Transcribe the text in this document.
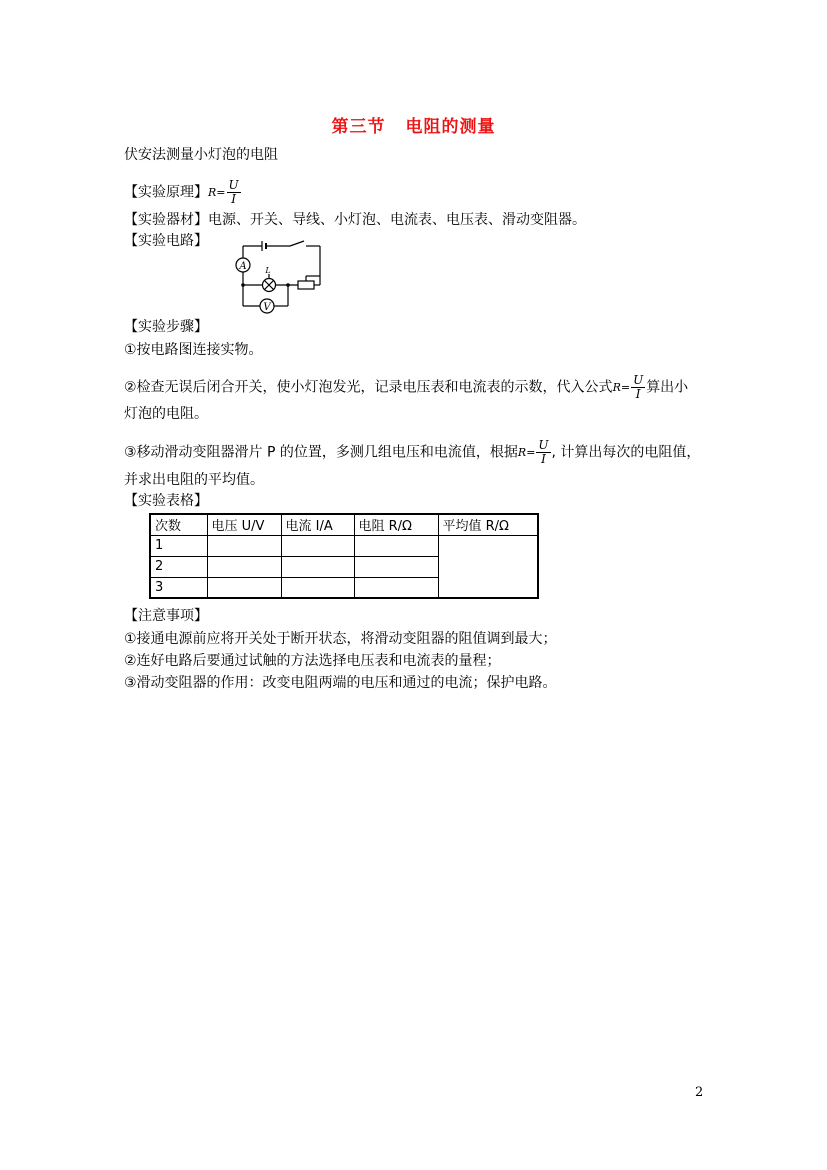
第三节 电阻的测量
伏安法测量小灯泡的电阻
【实验原理】 $R= \frac{U}{I}$
【实验器材】电源、开关、导线、小灯泡、电流表、电压表、滑动变阻器。
【实验电路】
A
V
L
【实验步骤】
①按电路图连接实物。
②检查无误后闭合开关，使小灯泡发光，记录电压表和电流表的示数，代入公式 $R= \frac{U}{I}$ 算出小
灯泡的电阻。
③移动滑动变阻器滑片 P 的位置，多测几组电压和电流值，根据 $R= \frac{U}{I}$ , 计算出每次的电阻值，
并求出电阻的平均值。
【实验表格】
次数	电压 U/V	电流 I/A	电阻 R/Ω	平均值 R/Ω
1				
2				
3				
【注意事项】
①接通电源前应将开关处于断开状态，将滑动变阻器的阻值调到最大；
②连好电路后要通过试触的方法选择电压表和电流表的量程；
③滑动变阻器的作用：改变电阻两端的电压和通过的电流；保护电路。
2
